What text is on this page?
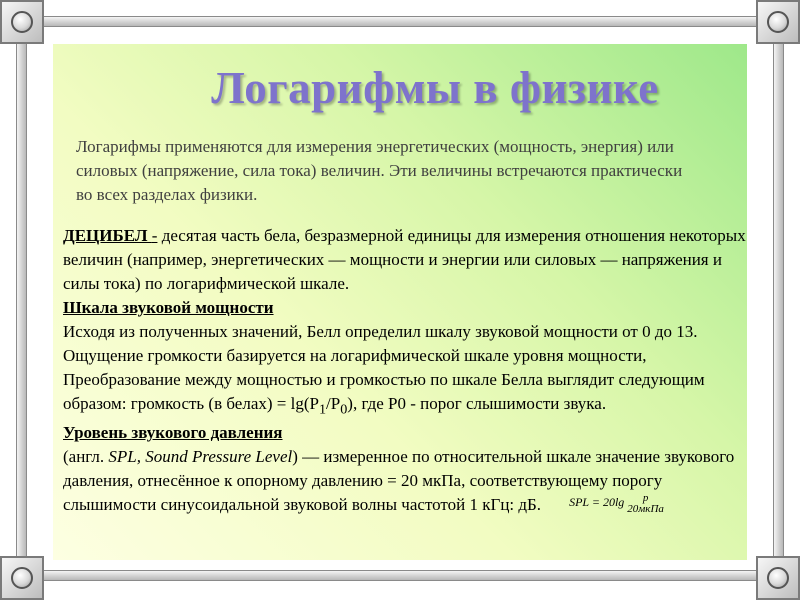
Логарифмы в физике
Логарифмы применяются для измерения энергетических (мощность, энергия) или силовых (напряжение, сила тока) величин. Эти величины встречаются практически во всех разделах физики.

ДЕЦИБЕЛ - десятая часть бела, безразмерной единицы для измерения отношения некоторых величин (например, энергетических — мощности и энергии или силовых — напряжения и силы тока) по логарифмической шкале.

Шкала звуковой мощности

Исходя из полученных значений, Белл определил шкалу звуковой мощности от 0 до 13. Ощущение громкости базируется на логарифмической шкале уровня мощности, Преобразование между мощностью и громкостью по шкале Белла выглядит следующим образом: громкость (в белах) = $\lg(P_1/P_0)$, где Р0 - порог слышимости звука.

Уровень звукового давления

(англ. SPL, Sound Pressure Level) — измеренное по относительной шкале значение звукового давления, отнесённое к опорному давлению = 20 мкПа, соответствующему порогу слышимости синусоидальной звуковой волны частотой 1 кГц: дБ. SPL = 20lg	p
20мкПа
